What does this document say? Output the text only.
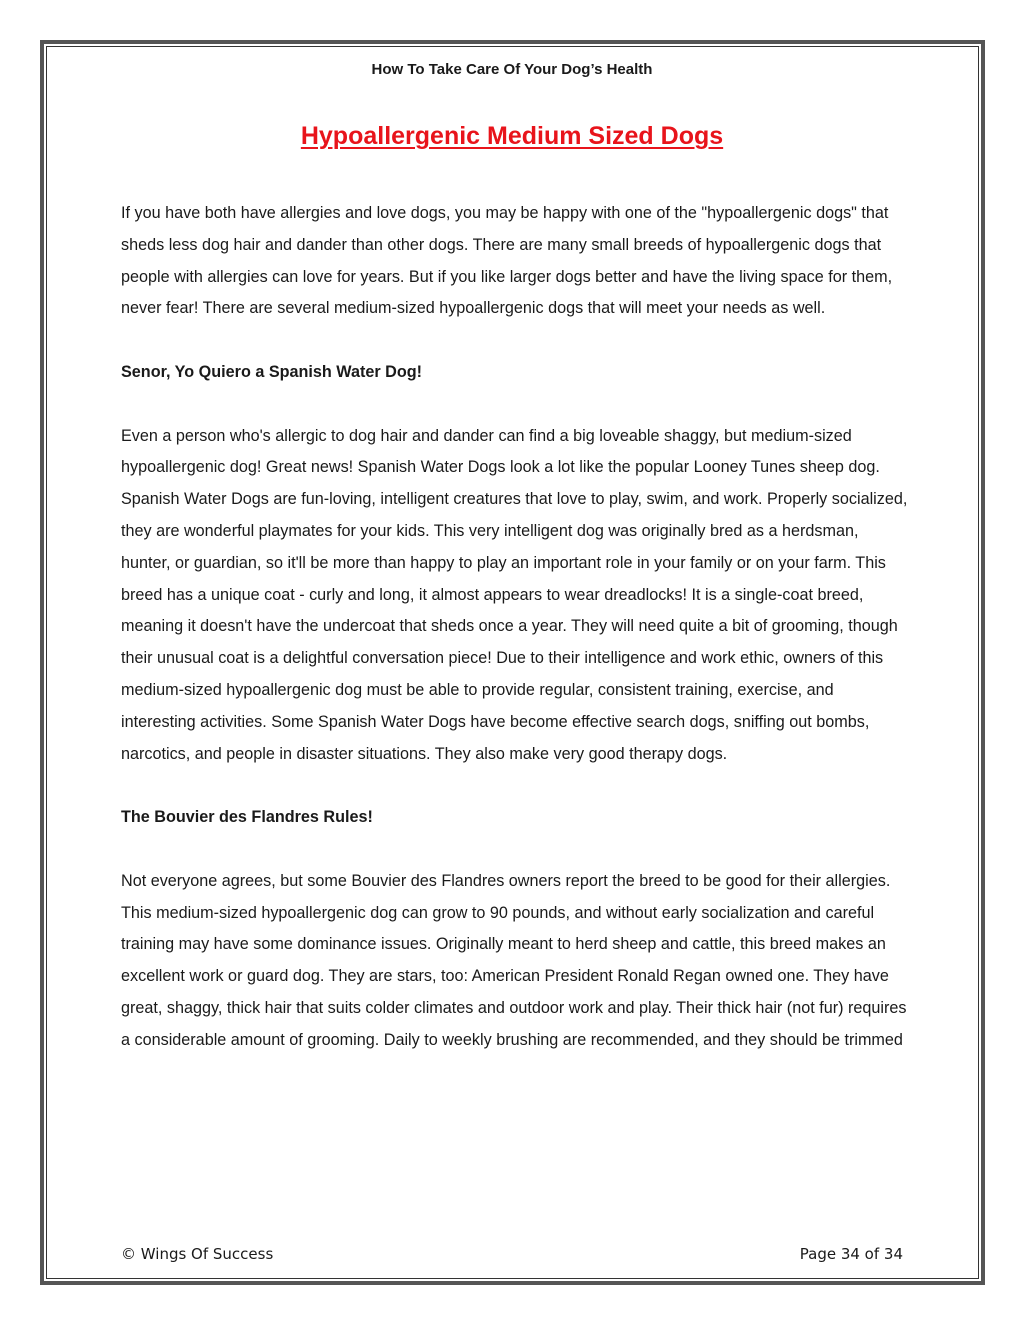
How To Take Care Of Your Dog’s Health
Hypoallergenic Medium Sized Dogs

If you have both have allergies and love dogs, you may be happy with one of the "hypoallergenic dogs" that sheds less dog hair and dander than other dogs. There are many small breeds of hypoallergenic dogs that people with allergies can love for years. But if you like larger dogs better and have the living space for them, never fear! There are several medium-sized hypoallergenic dogs that will meet your needs as well.

Senor, Yo Quiero a Spanish Water Dog!

Even a person who's allergic to dog hair and dander can find a big loveable shaggy, but medium-sized hypoallergenic dog! Great news! Spanish Water Dogs look a lot like the popular Looney Tunes sheep dog. Spanish Water Dogs are fun-loving, intelligent creatures that love to play, swim, and work. Properly socialized, they are wonderful playmates for your kids. This very intelligent dog was originally bred as a herdsman, hunter, or guardian, so it'll be more than happy to play an important role in your family or on your farm. This breed has a unique coat - curly and long, it almost appears to wear dreadlocks! It is a single-coat breed, meaning it doesn't have the undercoat that sheds once a year. They will need quite a bit of grooming, though their unusual coat is a delightful conversation piece! Due to their intelligence and work ethic, owners of this medium-sized hypoallergenic dog must be able to provide regular, consistent training, exercise, and interesting activities. Some Spanish Water Dogs have become effective search dogs, sniffing out bombs, narcotics, and people in disaster situations. They also make very good therapy dogs.

The Bouvier des Flandres Rules!

Not everyone agrees, but some Bouvier des Flandres owners report the breed to be good for their allergies. This medium-sized hypoallergenic dog can grow to 90 pounds, and without early socialization and careful training may have some dominance issues. Originally meant to herd sheep and cattle, this breed makes an excellent work or guard dog. They are stars, too: American President Ronald Regan owned one. They have great, shaggy, thick hair that suits colder climates and outdoor work and play. Their thick hair (not fur) requires a considerable amount of grooming. Daily to weekly brushing are recommended, and they should be trimmed

© Wings Of Success	Page 34 of 34
